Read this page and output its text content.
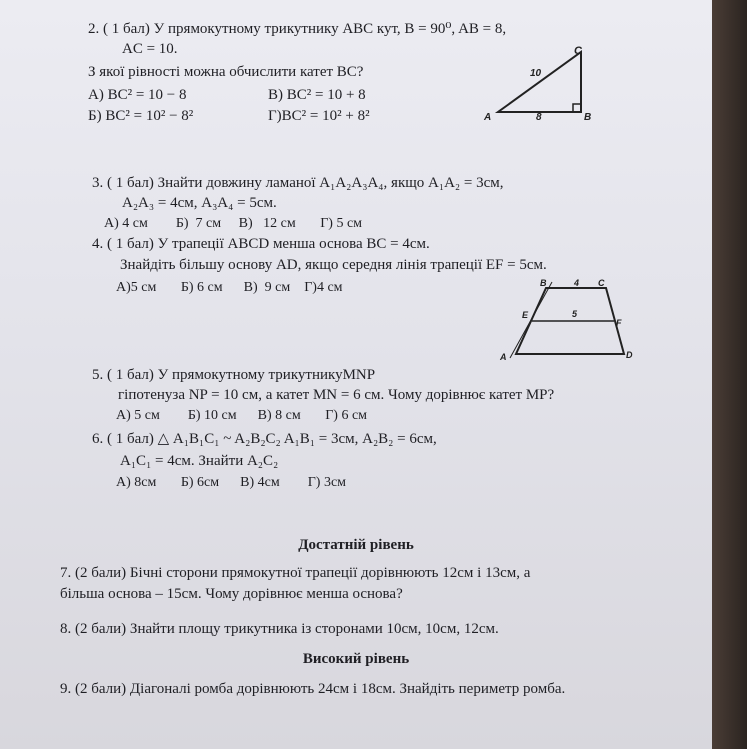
2. ( 1 бал) У прямокутному трикутнику ABC кут, B = 90⁰, AB = 8,
AC = 10.
З якої рівності можна обчислити катет BC?
А) BC² = 10 − 8	В) BC² = 10 + 8
Б) BC² = 10² − 8²	Г)BC² = 10² + 8²
C
10
A	8	B
3. ( 1 бал) Знайти довжину ламаної A₁A₂A₃A₄, якщо A₁A₂ = 3см,
A₂A₃ = 4см, A₃A₄ = 5см.
А) 4 см        Б)  7 см     В)   12 см       Г) 5 см
4. ( 1 бал) У трапеції ABCD менша основа BC = 4см.
Знайдіть більшу основу AD, якщо середня лінія трапеції EF = 5см.
А)5 см       Б) 6 см      В)  9 см    Г)4 см	B	4 C
E	5
F
A	D
5. ( 1 бал) У прямокутному трикутникуMNP
гіпотенуза NP = 10 см, а катет MN = 6 см. Чому дорівнює катет MP?
А) 5 см        Б) 10 см      В) 8 см       Г) 6 см
6. ( 1 бал) △ A₁B₁C₁ ~ A₂B₂C₂ A₁B₁ = 3см, A₂B₂ = 6см,
A₁C₁ = 4см. Знайти A₂C₂
А) 8см       Б) 6см      В) 4см        Г) 3см
Достатній рівень
7. (2 бали) Бічні сторони прямокутної трапеції дорівнюють 12см і 13см, а
більша основа – 15см. Чому дорівнює менша основа?
8. (2 бали) Знайти площу трикутника із сторонами 10см, 10см, 12см.
Високий рівень
9. (2 бали) Діагоналі ромба дорівнюють 24см і 18см. Знайдіть периметр ромба.
